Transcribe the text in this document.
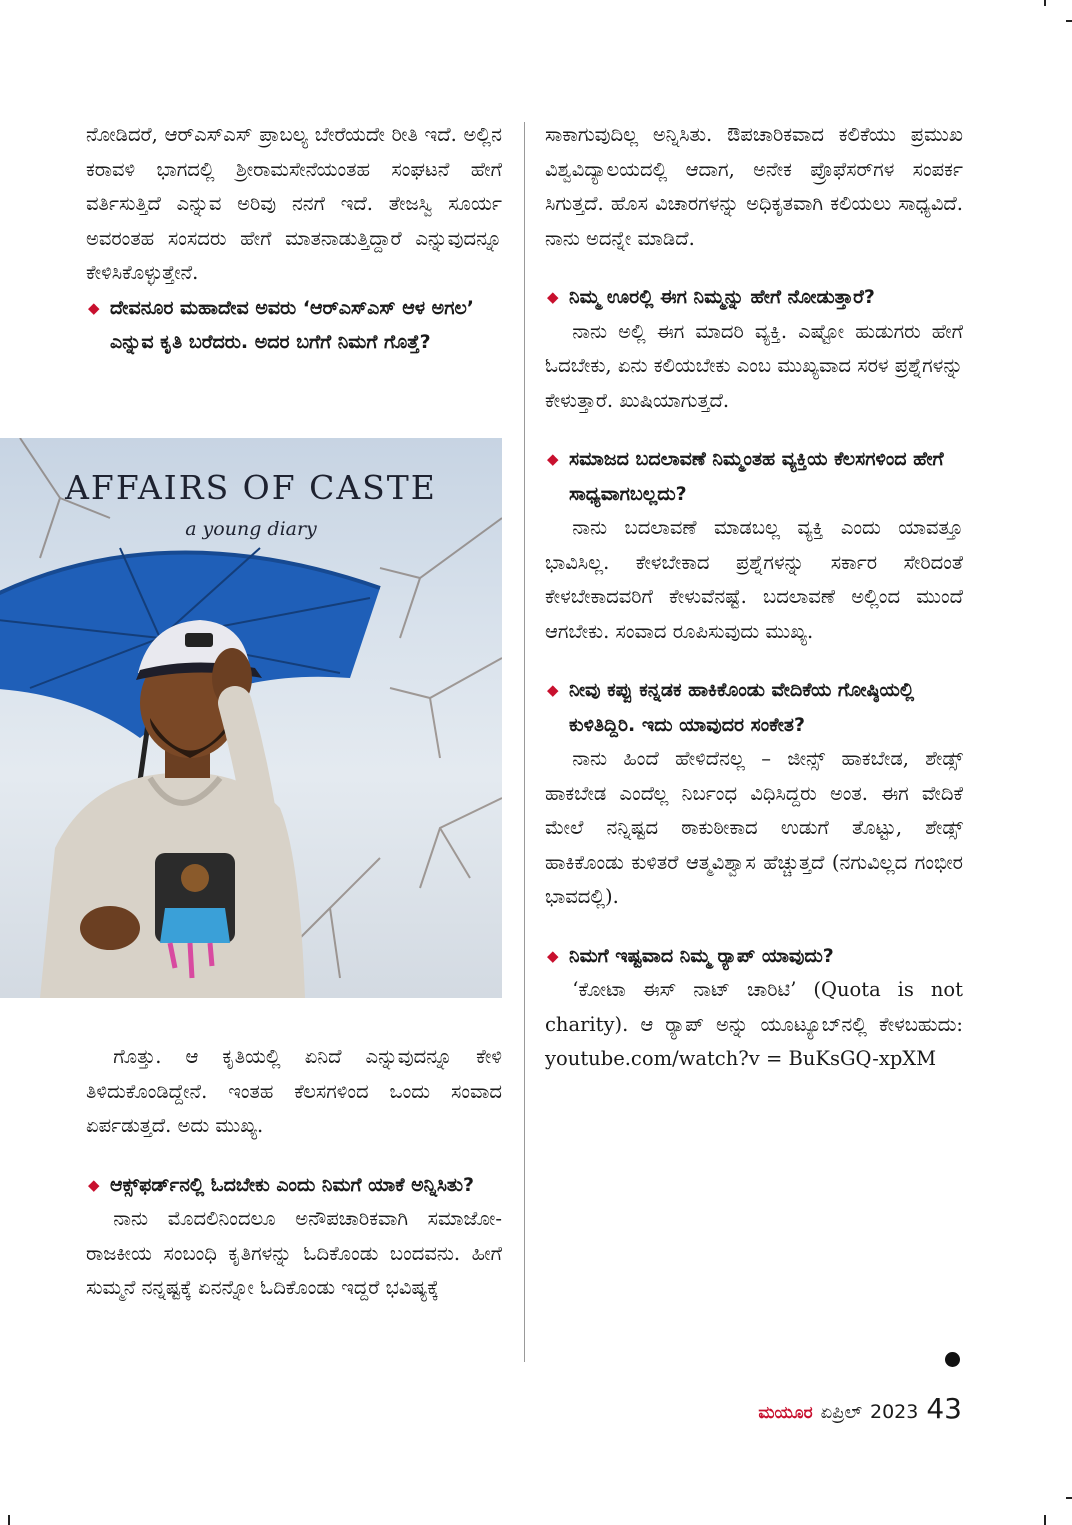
ನೋಡಿದರೆ, ಆರ್‌ಎಸ್‌ಎಸ್ ಪ್ರಾಬಲ್ಯ ಬೇರೆಯದೇ ರೀತಿ ಇದೆ. ಅಲ್ಲಿನ ಕರಾವಳಿ ಭಾಗದಲ್ಲಿ ಶ್ರೀರಾಮಸೇನೆಯಂತಹ ಸಂಘಟನೆ ಹೇಗೆ ವರ್ತಿಸುತ್ತಿದೆ ಎನ್ನುವ ಅರಿವು ನನಗೆ ಇದೆ. ತೇಜಸ್ವಿ ಸೂರ್ಯ ಅವರಂತಹ ಸಂಸದರು ಹೇಗೆ ಮಾತನಾಡುತ್ತಿದ್ದಾರೆ ಎನ್ನುವುದನ್ನೂ ಕೇಳಿಸಿಕೊಳ್ಳುತ್ತೇನೆ.

◆ ದೇವನೂರ ಮಹಾದೇವ ಅವರು ‘ಆರ್‌ಎಸ್‌ಎಸ್ ಆಳ ಅಗಲ’ ಎನ್ನುವ ಕೃತಿ ಬರೆದರು. ಅದರ ಬಗೆಗೆ ನಿಮಗೆ ಗೊತ್ತೆ?
AFFAIRS OF CASTE
a young diary

ಗೊತ್ತು. ಆ ಕೃತಿಯಲ್ಲಿ ಏನಿದೆ ಎನ್ನುವುದನ್ನೂ ಕೇಳಿ ತಿಳಿದುಕೊಂಡಿದ್ದೇನೆ. ಇಂತಹ ಕೆಲಸಗಳಿಂದ ಒಂದು ಸಂವಾದ ಏರ್ಪಡುತ್ತದೆ. ಅದು ಮುಖ್ಯ.

◆ ಆಕ್ಸ್‌ಫರ್ಡ್‌ನಲ್ಲಿ ಓದಬೇಕು ಎಂದು ನಿಮಗೆ ಯಾಕೆ ಅನ್ನಿಸಿತು?

ನಾನು ಮೊದಲಿನಿಂದಲೂ ಅನೌಪಚಾರಿಕವಾಗಿ ಸಮಾಜೋ-ರಾಜಕೀಯ ಸಂಬಂಧಿ ಕೃತಿಗಳನ್ನು ಓದಿಕೊಂಡು ಬಂದವನು. ಹೀಗೆ ಸುಮ್ಮನೆ ನನ್ನಷ್ಟಕ್ಕೆ ಏನನ್ನೋ ಓದಿಕೊಂಡು ಇದ್ದರೆ ಭವಿಷ್ಯಕ್ಕೆ

ಸಾಕಾಗುವುದಿಲ್ಲ ಅನ್ನಿಸಿತು. ಔಪಚಾರಿಕವಾದ ಕಲಿಕೆಯು ಪ್ರಮುಖ ವಿಶ್ವವಿದ್ಯಾಲಯದಲ್ಲಿ ಆದಾಗ, ಅನೇಕ ಪ್ರೊಫೆಸರ್‌ಗಳ ಸಂಪರ್ಕ ಸಿಗುತ್ತದೆ. ಹೊಸ ವಿಚಾರಗಳನ್ನು ಅಧಿಕೃತವಾಗಿ ಕಲಿಯಲು ಸಾಧ್ಯವಿದೆ. ನಾನು ಅದನ್ನೇ ಮಾಡಿದೆ.

◆ ನಿಮ್ಮ ಊರಲ್ಲಿ ಈಗ ನಿಮ್ಮನ್ನು ಹೇಗೆ ನೋಡುತ್ತಾರೆ?

ನಾನು ಅಲ್ಲಿ ಈಗ ಮಾದರಿ ವ್ಯಕ್ತಿ. ಎಷ್ಟೋ ಹುಡುಗರು ಹೇಗೆ ಓದಬೇಕು, ಏನು ಕಲಿಯಬೇಕು ಎಂಬ ಮುಖ್ಯವಾದ ಸರಳ ಪ್ರಶ್ನೆಗಳನ್ನು ಕೇಳುತ್ತಾರೆ. ಖುಷಿಯಾಗುತ್ತದೆ.

◆ ಸಮಾಜದ ಬದಲಾವಣೆ ನಿಮ್ಮಂತಹ ವ್ಯಕ್ತಿಯ ಕೆಲಸಗಳಿಂದ ಹೇಗೆ ಸಾಧ್ಯವಾಗಬಲ್ಲದು?

ನಾನು ಬದಲಾವಣೆ ಮಾಡಬಲ್ಲ ವ್ಯಕ್ತಿ ಎಂದು ಯಾವತ್ತೂ ಭಾವಿಸಿಲ್ಲ. ಕೇಳಬೇಕಾದ ಪ್ರಶ್ನೆಗಳನ್ನು ಸರ್ಕಾರ ಸೇರಿದಂತೆ ಕೇಳಬೇಕಾದವರಿಗೆ ಕೇಳುವೆನಷ್ಟೆ. ಬದಲಾವಣೆ ಅಲ್ಲಿಂದ ಮುಂದೆ ಆಗಬೇಕು. ಸಂವಾದ ರೂಪಿಸುವುದು ಮುಖ್ಯ.

◆ ನೀವು ಕಪ್ಪು ಕನ್ನಡಕ ಹಾಕಿಕೊಂಡು ವೇದಿಕೆಯ ಗೋಷ್ಠಿಯಲ್ಲಿ ಕುಳಿತಿದ್ದಿರಿ. ಇದು ಯಾವುದರ ಸಂಕೇತ?

ನಾನು ಹಿಂದೆ ಹೇಳಿದೆನಲ್ಲ – ಜೀನ್ಸ್ ಹಾಕಬೇಡ, ಶೇಡ್ಸ್ ಹಾಕಬೇಡ ಎಂದೆಲ್ಲ ನಿರ್ಬಂಧ ವಿಧಿಸಿದ್ದರು ಅಂತ. ಈಗ ವೇದಿಕೆ ಮೇಲೆ ನನ್ನಿಷ್ಟದ ಠಾಕುಠೀಕಾದ ಉಡುಗೆ ತೊಟ್ಟು, ಶೇಡ್ಸ್ ಹಾಕಿಕೊಂಡು ಕುಳಿತರೆ ಆತ್ಮವಿಶ್ವಾಸ ಹೆಚ್ಚುತ್ತದೆ (ನಗುವಿಲ್ಲದ ಗಂಭೀರ ಭಾವದಲ್ಲಿ).

◆ ನಿಮಗೆ ಇಷ್ಟವಾದ ನಿಮ್ಮ ರ‍್ಯಾಪ್ ಯಾವುದು?

‘ಕೋಟಾ ಈಸ್ ನಾಟ್ ಚಾರಿಟಿ’ (Quota is not charity). ಆ ರ‍್ಯಾಪ್ ಅನ್ನು ಯೂಟ್ಯೂಬ್‌ನಲ್ಲಿ ಕೇಳಬಹುದು: youtube.com/watch?v = BuKsGQ-xpXM

ಮಯೂರ ಏಪ್ರಿಲ್ 2023 43
